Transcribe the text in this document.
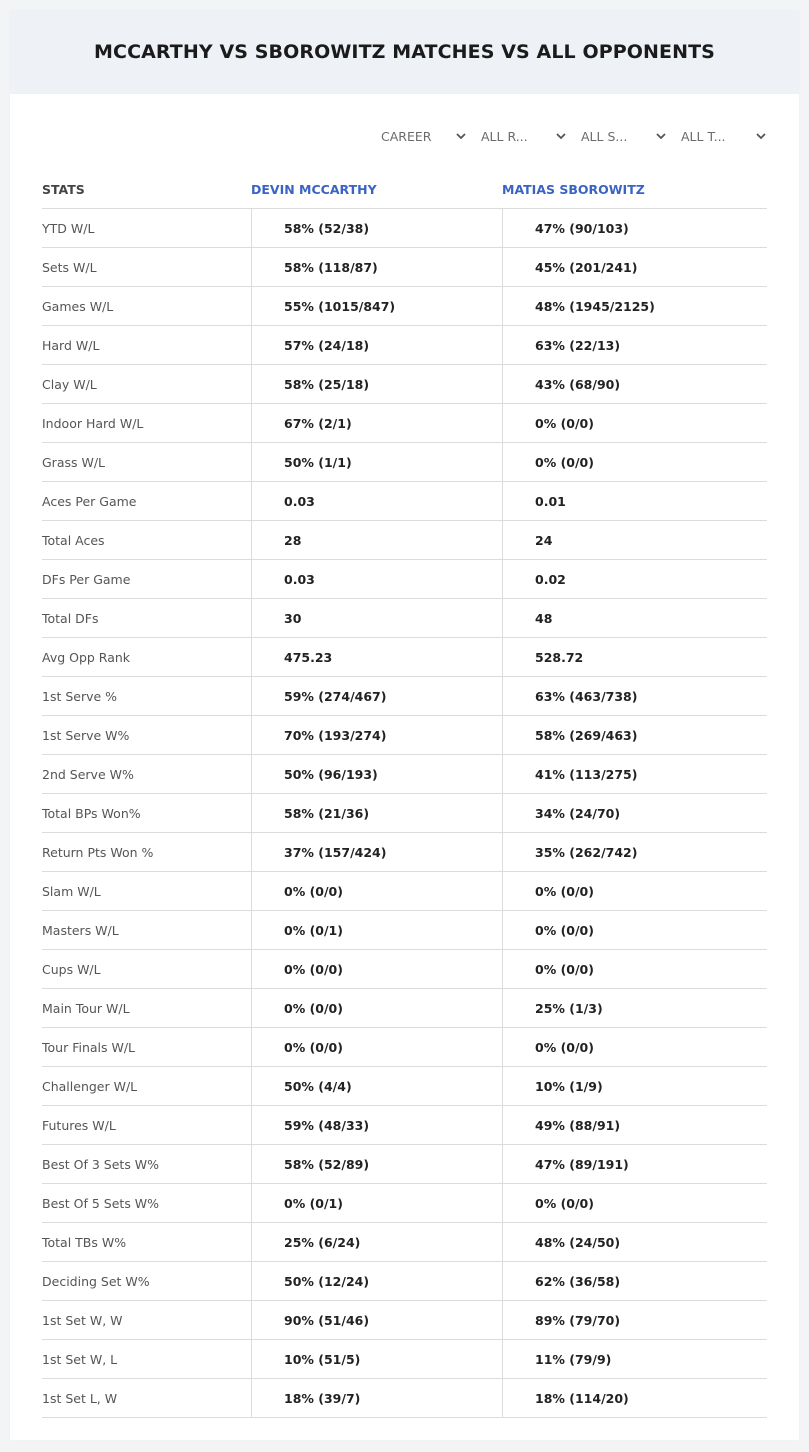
MCCARTHY VS SBOROWITZ MATCHES VS ALL OPPONENTS
CAREER	ALL R...	ALL S...	ALL T...
STATS	DEVIN MCCARTHY	MATIAS SBOROWITZ
YTD W/L	58% (52/38)	47% (90/103)
Sets W/L	58% (118/87)	45% (201/241)
Games W/L	55% (1015/847)	48% (1945/2125)
Hard W/L	57% (24/18)	63% (22/13)
Clay W/L	58% (25/18)	43% (68/90)
Indoor Hard W/L	67% (2/1)	0% (0/0)
Grass W/L	50% (1/1)	0% (0/0)
Aces Per Game	0.03	0.01
Total Aces	28	24
DFs Per Game	0.03	0.02
Total DFs	30	48
Avg Opp Rank	475.23	528.72
1st Serve %	59% (274/467)	63% (463/738)
1st Serve W%	70% (193/274)	58% (269/463)
2nd Serve W%	50% (96/193)	41% (113/275)
Total BPs Won%	58% (21/36)	34% (24/70)
Return Pts Won %	37% (157/424)	35% (262/742)
Slam W/L	0% (0/0)	0% (0/0)
Masters W/L	0% (0/1)	0% (0/0)
Cups W/L	0% (0/0)	0% (0/0)
Main Tour W/L	0% (0/0)	25% (1/3)
Tour Finals W/L	0% (0/0)	0% (0/0)
Challenger W/L	50% (4/4)	10% (1/9)
Futures W/L	59% (48/33)	49% (88/91)
Best Of 3 Sets W%	58% (52/89)	47% (89/191)
Best Of 5 Sets W%	0% (0/1)	0% (0/0)
Total TBs W%	25% (6/24)	48% (24/50)
Deciding Set W%	50% (12/24)	62% (36/58)
1st Set W, W	90% (51/46)	89% (79/70)
1st Set W, L	10% (51/5)	11% (79/9)
1st Set L, W	18% (39/7)	18% (114/20)
